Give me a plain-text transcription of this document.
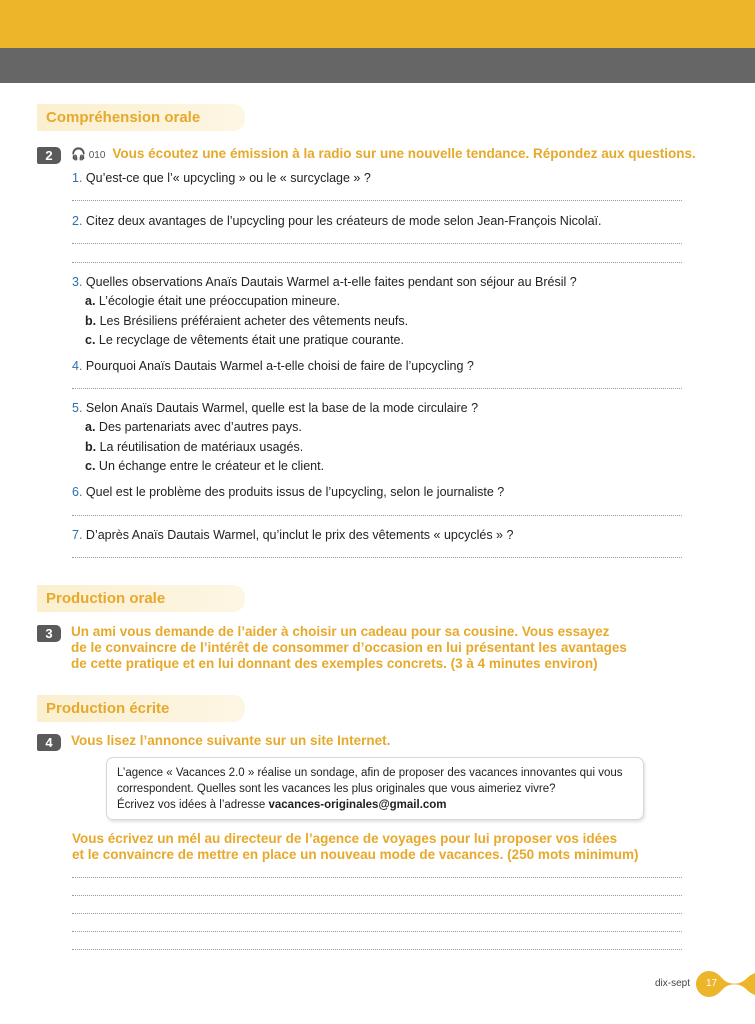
Compréhension orale
2	🎧 010 Vous écoutez une émission à la radio sur une nouvelle tendance. Répondez aux questions.
1. Qu’est-ce que l’« upcycling » ou le « surcyclage » ?
2. Citez deux avantages de l’upcycling pour les créateurs de mode selon Jean-François Nicolaï.
3. Quelles observations Anaïs Dautais Warmel a-t-elle faites pendant son séjour au Brésil ?
a. L’écologie était une préoccupation mineure.
b. Les Brésiliens préféraient acheter des vêtements neufs.
c. Le recyclage de vêtements était une pratique courante.
4. Pourquoi Anaïs Dautais Warmel a-t-elle choisi de faire de l’upcycling ?
5. Selon Anaïs Dautais Warmel, quelle est la base de la mode circulaire ?
a. Des partenariats avec d’autres pays.
b. La réutilisation de matériaux usagés.
c. Un échange entre le créateur et le client.
6. Quel est le problème des produits issus de l’upcycling, selon le journaliste ?
7. D’après Anaïs Dautais Warmel, qu’inclut le prix des vêtements « upcyclés » ?
Production orale
3	Un ami vous demande de l’aider à choisir un cadeau pour sa cousine. Vous essayez
de le convaincre de l’intérêt de consommer d’occasion en lui présentant les avantages
de cette pratique et en lui donnant des exemples concrets. (3 à 4 minutes environ)
Production écrite
4	Vous lisez l’annonce suivante sur un site Internet.
L’agence « Vacances 2.0 » réalise un sondage, afin de proposer des vacances innovantes qui vous
correspondent. Quelles sont les vacances les plus originales que vous aimeriez vivre?
Écrivez vos idées à l’adresse vacances-originales@gmail.com
Vous écrivez un mél au directeur de l’agence de voyages pour lui proposer vos idées
et le convaincre de mettre en place un nouveau mode de vacances. (250 mots minimum)
dix-sept 17
